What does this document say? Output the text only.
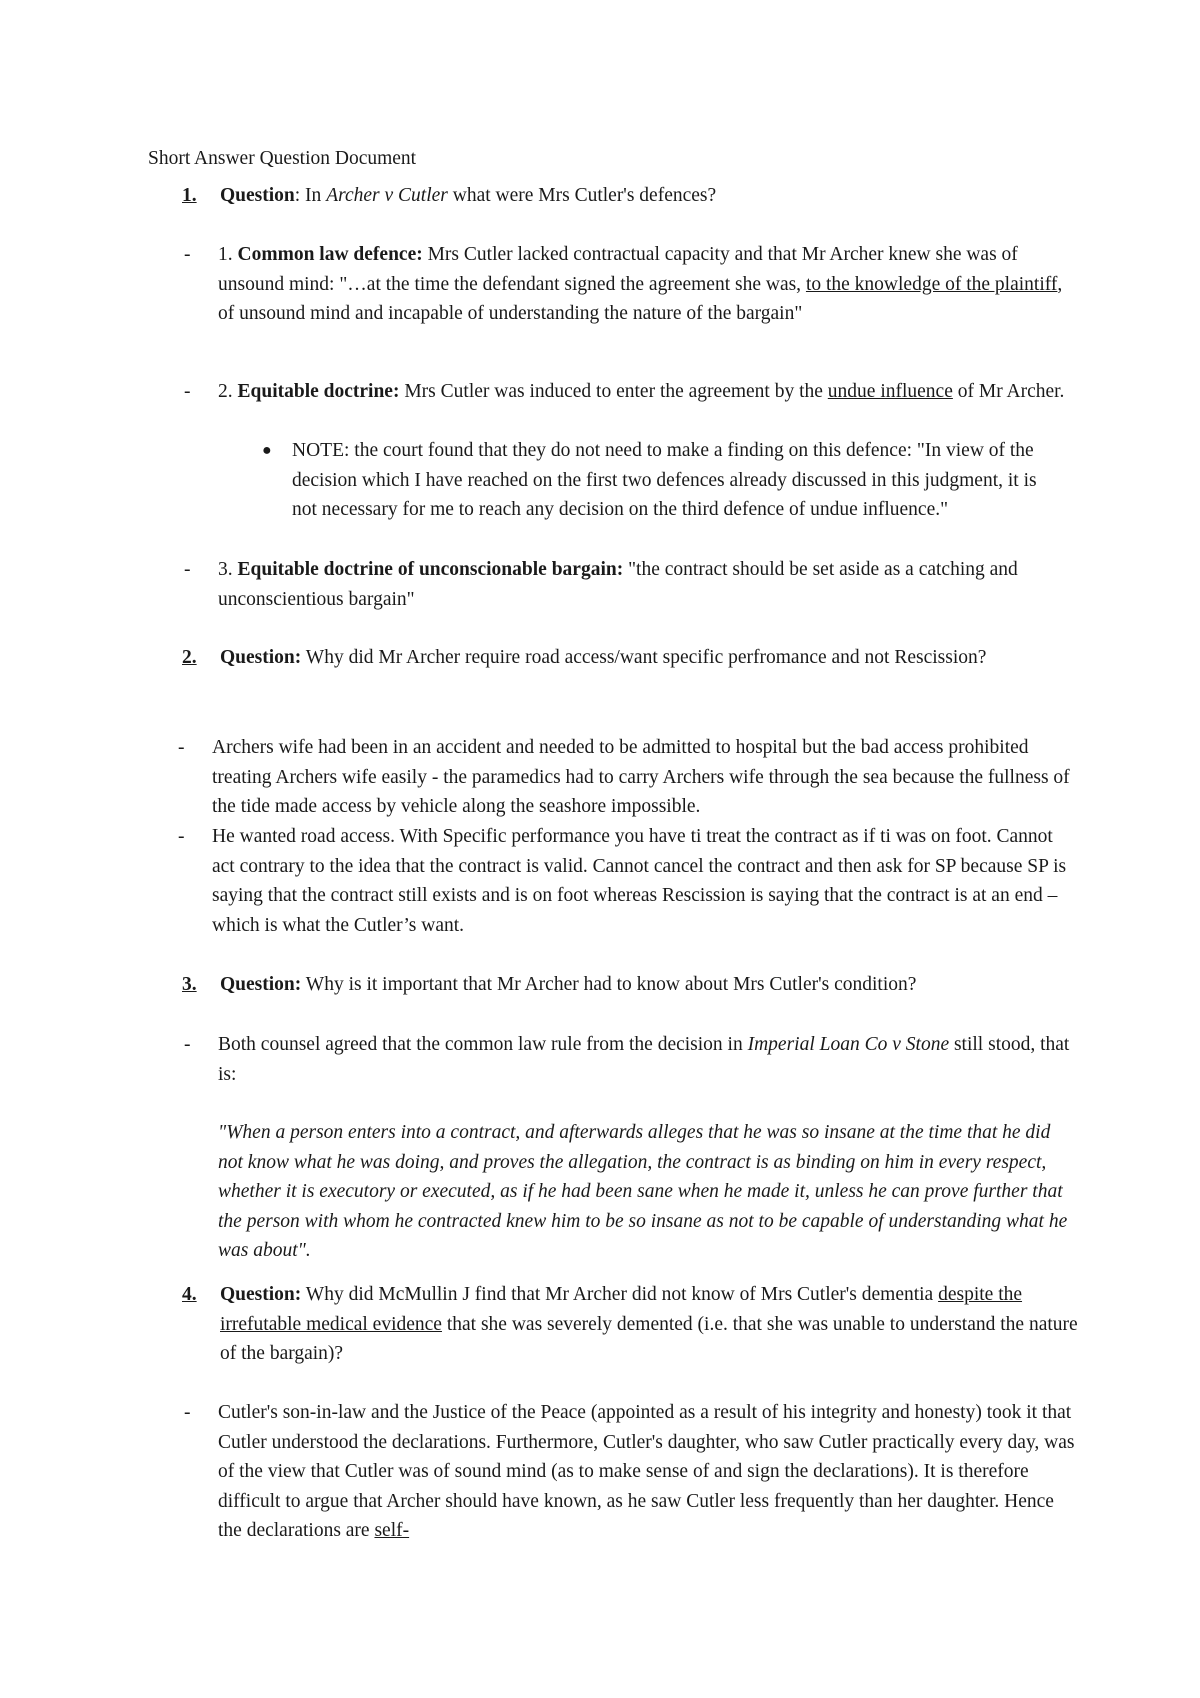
Short Answer Question Document
1. Question: In Archer v Cutler what were Mrs Cutler's defences?
- 1. Common law defence: Mrs Cutler lacked contractual capacity and that Mr Archer knew she was of unsound mind: "…at the time the defendant signed the agreement she was, to the knowledge of the plaintiff, of unsound mind and incapable of understanding the nature of the bargain"
- 2. Equitable doctrine: Mrs Cutler was induced to enter the agreement by the undue influence of Mr Archer.
● NOTE: the court found that they do not need to make a finding on this defence: "In view of the decision which I have reached on the first two defences already discussed in this judgment, it is not necessary for me to reach any decision on the third defence of undue influence."
- 3. Equitable doctrine of unconscionable bargain: "the contract should be set aside as a catching and unconscientious bargain"
2. Question: Why did Mr Archer require road access/want specific perfromance and not Rescission?
- Archers wife had been in an accident and needed to be admitted to hospital but the bad access prohibited treating Archers wife easily - the paramedics had to carry Archers wife through the sea because the fullness of the tide made access by vehicle along the seashore impossible.
- He wanted road access. With Specific performance you have ti treat the contract as if ti was on foot. Cannot act contrary to the idea that the contract is valid. Cannot cancel the contract and then ask for SP because SP is saying that the contract still exists and is on foot whereas Rescission is saying that the contract is at an end – which is what the Cutler’s want.
3. Question: Why is it important that Mr Archer had to know about Mrs Cutler's condition?
- Both counsel agreed that the common law rule from the decision in Imperial Loan Co v Stone still stood, that is:
"When a person enters into a contract, and afterwards alleges that he was so insane at the time that he did not know what he was doing, and proves the allegation, the contract is as binding on him in every respect, whether it is executory or executed, as if he had been sane when he made it, unless he can prove further that the person with whom he contracted knew him to be so insane as not to be capable of understanding what he was about".
4. Question: Why did McMullin J find that Mr Archer did not know of Mrs Cutler's dementia despite the irrefutable medical evidence that she was severely demented (i.e. that she was unable to understand the nature of the bargain)?
- Cutler's son-in-law and the Justice of the Peace (appointed as a result of his integrity and honesty) took it that Cutler understood the declarations. Furthermore, Cutler's daughter, who saw Cutler practically every day, was of the view that Cutler was of sound mind (as to make sense of and sign the declarations). It is therefore difficult to argue that Archer should have known, as he saw Cutler less frequently than her daughter. Hence the declarations are self-
